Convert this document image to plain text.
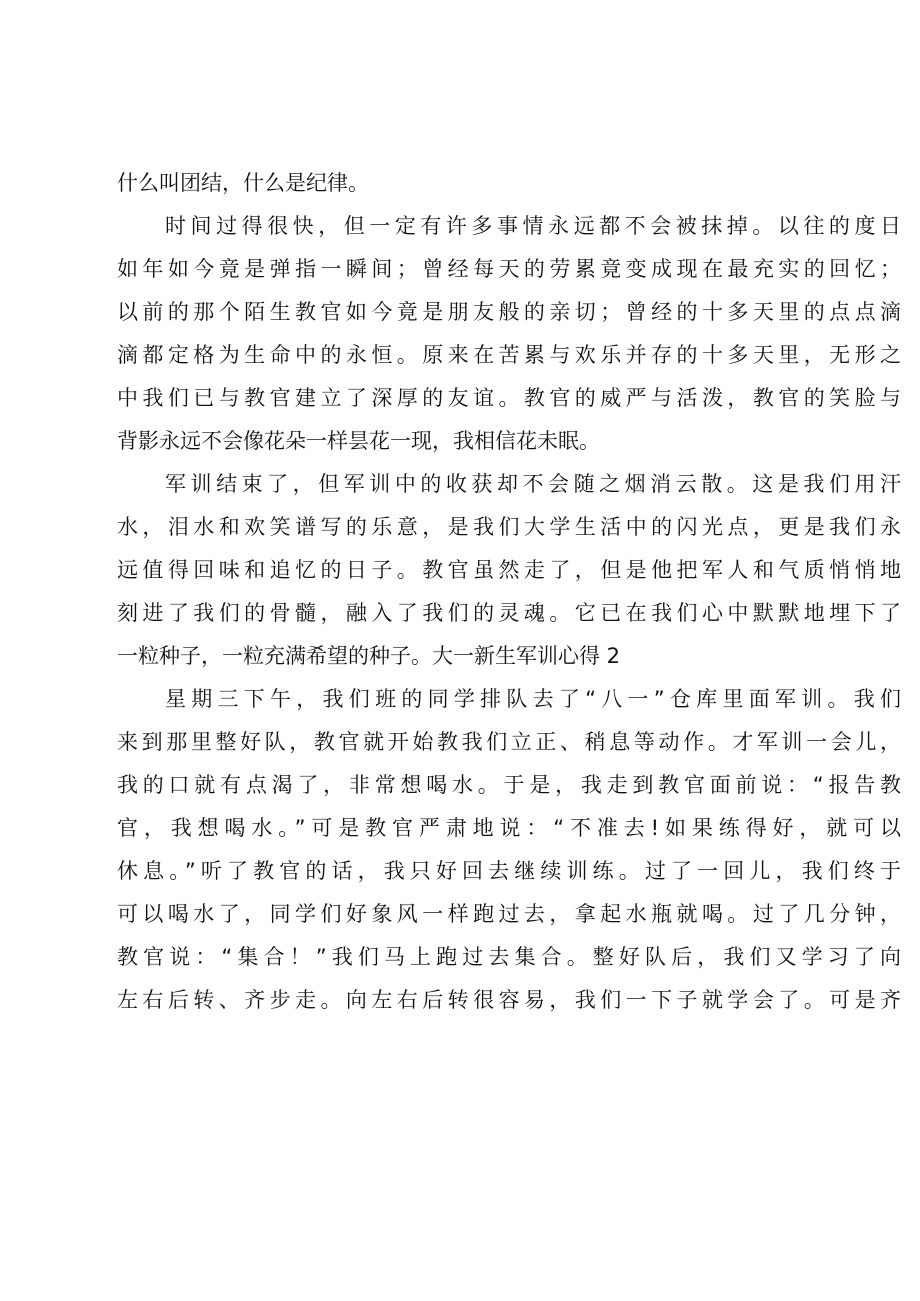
什么叫团结，什么是纪律。
时间过得很快，但一定有许多事情永远都不会被抹掉。以往的度日
如年如今竟是弹指一瞬间；曾经每天的劳累竟变成现在最充实的回忆；
以前的那个陌生教官如今竟是朋友般的亲切；曾经的十多天里的点点滴
滴都定格为生命中的永恒。原来在苦累与欢乐并存的十多天里，无形之
中我们已与教官建立了深厚的友谊。教官的威严与活泼，教官的笑脸与
背影永远不会像花朵一样昙花一现，我相信花未眠。
军训结束了，但军训中的收获却不会随之烟消云散。这是我们用汗
水，泪水和欢笑谱写的乐意，是我们大学生活中的闪光点，更是我们永
远值得回味和追忆的日子。教官虽然走了，但是他把军人和气质悄悄地
刻进了我们的骨髓，融入了我们的灵魂。它已在我们心中默默地埋下了
一粒种子，一粒充满希望的种子。大一新生军训心得 2
星期三下午，我们班的同学排队去了“八一”仓库里面军训。我们
来到那里整好队，教官就开始教我们立正、稍息等动作。才军训一会儿，
我的口就有点渴了，非常想喝水。于是，我走到教官面前说：“报告教
官，我想喝水。”可是教官严肃地说：“不准去!如果练得好，就可以
休息。”听了教官的话，我只好回去继续训练。过了一回儿，我们终于
可以喝水了，同学们好象风一样跑过去，拿起水瓶就喝。过了几分钟，
教官说：“集合！”我们马上跑过去集合。整好队后，我们又学习了向
左右后转、齐步走。向左右后转很容易，我们一下子就学会了。可是齐
